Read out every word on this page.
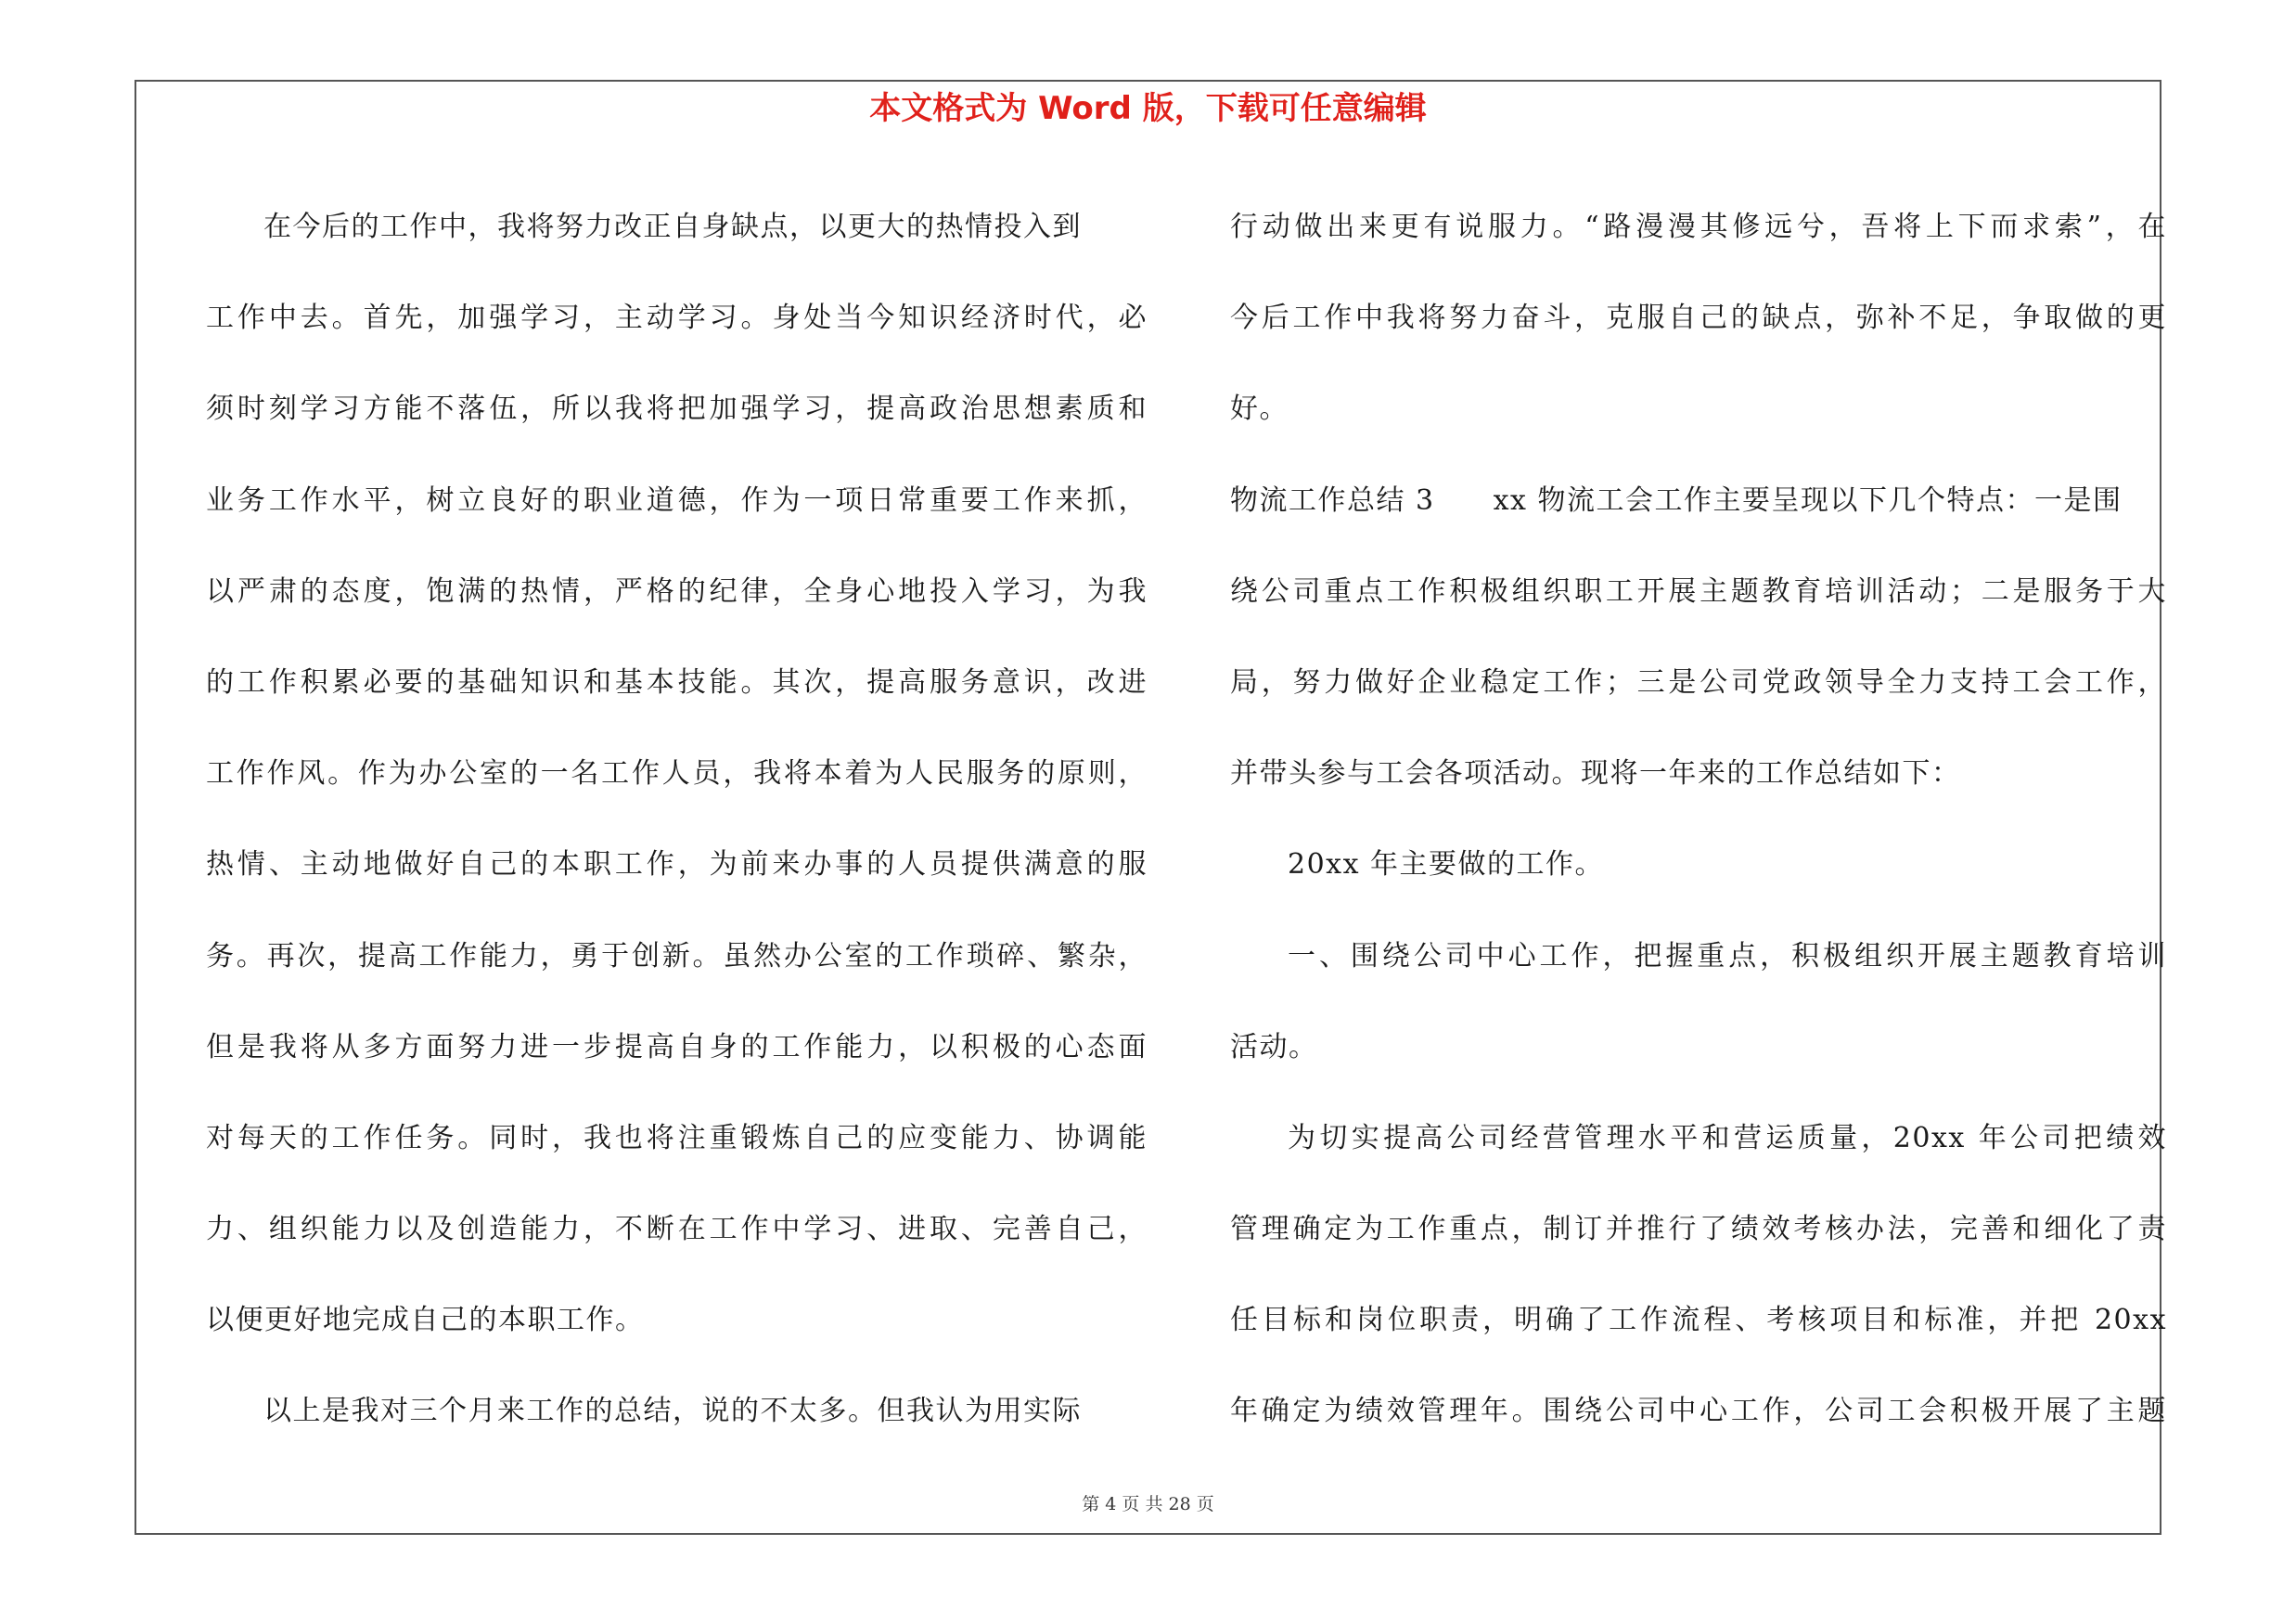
本文格式为 Word 版，下载可任意编辑
在今后的工作中，我将努力改正自身缺点，以更大的热情投入到
工作中去。首先，加强学习，主动学习。身处当今知识经济时代，必
须时刻学习方能不落伍，所以我将把加强学习，提高政治思想素质和
业务工作水平，树立良好的职业道德，作为一项日常重要工作来抓，
以严肃的态度，饱满的热情，严格的纪律，全身心地投入学习，为我
的工作积累必要的基础知识和基本技能。其次，提高服务意识，改进
工作作风。作为办公室的一名工作人员，我将本着为人民服务的原则，
热情、主动地做好自己的本职工作，为前来办事的人员提供满意的服
务。再次，提高工作能力，勇于创新。虽然办公室的工作琐碎、繁杂，
但是我将从多方面努力进一步提高自身的工作能力，以积极的心态面
对每天的工作任务。同时，我也将注重锻炼自己的应变能力、协调能
力、组织能力以及创造能力，不断在工作中学习、进取、完善自己，
以便更好地完成自己的本职工作。
以上是我对三个月来工作的总结，说的不太多。但我认为用实际
行动做出来更有说服力。“路漫漫其修远兮，吾将上下而求索”，在
今后工作中我将努力奋斗，克服自己的缺点，弥补不足，争取做的更
好。
物流工作总结 3　　xx 物流工会工作主要呈现以下几个特点：一是围
绕公司重点工作积极组织职工开展主题教育培训活动；二是服务于大
局，努力做好企业稳定工作；三是公司党政领导全力支持工会工作，
并带头参与工会各项活动。现将一年来的工作总结如下：
20xx 年主要做的工作。
一、围绕公司中心工作，把握重点，积极组织开展主题教育培训
活动。
为切实提高公司经营管理水平和营运质量，20xx 年公司把绩效
管理确定为工作重点，制订并推行了绩效考核办法，完善和细化了责
任目标和岗位职责，明确了工作流程、考核项目和标准，并把 20xx
年确定为绩效管理年。围绕公司中心工作，公司工会积极开展了主题
第 4 页 共 28 页
